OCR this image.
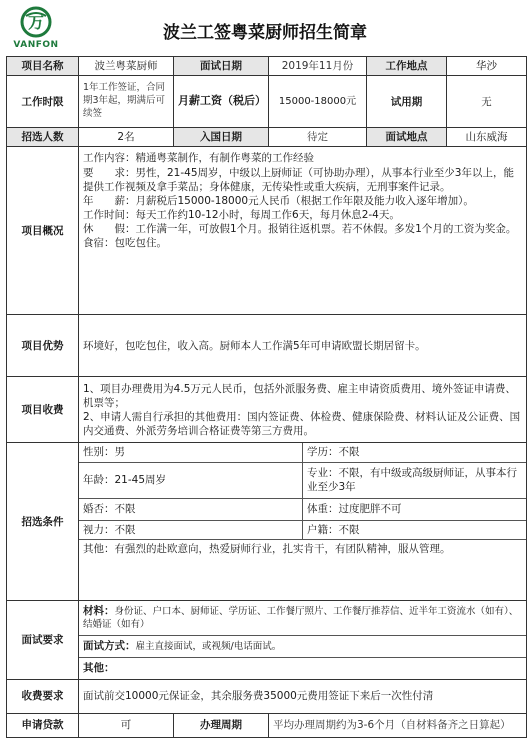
万
VANFON
波兰工签粤菜厨师招生简章
项目名称	波兰粤菜厨师	面试日期	2019年11月份	工作地点	华沙
工作时限	1年工作签证，合同期3年起，期满后可续签	月薪工资（税后）	15000-18000元	试用期	无
招选人数	2名	入国日期	待定	面试地点	山东威海
项目概况	工作内容：精通粤菜制作，有制作粤菜的工作经验
要　　求：男性，21-45周岁，中级以上厨师证（可协助办理），从事本行业至少3年以上，能提供工作视频及拿手菜品；身体健康，无传染性或重大疾病，无刑事案件记录。
年　　薪：月薪税后15000-18000元人民币（根据工作年限及能力收入逐年增加）。
工作时间：每天工作约10-12小时，每周工作6天，每月休息2-4天。
休　　假：工作满一年，可放假1个月。报销往返机票。若不休假。多发1个月的工资为奖金。
食宿：包吃包住。
项目优势	环境好，包吃包住，收入高。厨师本人工作满5年可申请欧盟长期居留卡。
项目收费	1、项目办理费用为4.5万元人民币，包括外派服务费、雇主申请资质费用、境外签证申请费、机票等；
2、申请人需自行承担的其他费用：国内签证费、体检费、健康保险费、材料认证及公证费、国内交通费、外派劳务培训合格证费等第三方费用。
招选条件	
性别：男	学历：不限
年龄：21-45周岁	专业：不限，有中级或高级厨师证，从事本行业至少3年
婚否：不限	体重：过度肥胖不可
视力：不限	户籍：不限
其他：有强烈的赴欧意向，热爱厨师行业，扎实肯干，有团队精神，服从管理。

面试要求	
材料：身份证、户口本、厨师证、学历证、工作餐厅照片、工作餐厅推荐信、近半年工资流水（如有）、结婚证（如有）
面试方式：雇主直接面试，或视频/电话面试。
其他：

收费要求	面试前交10000元保证金，其余服务费35000元费用签证下来后一次性付清
申请贷款	可	办理周期	平均办理周期约为3-6个月（自材料备齐之日算起）
